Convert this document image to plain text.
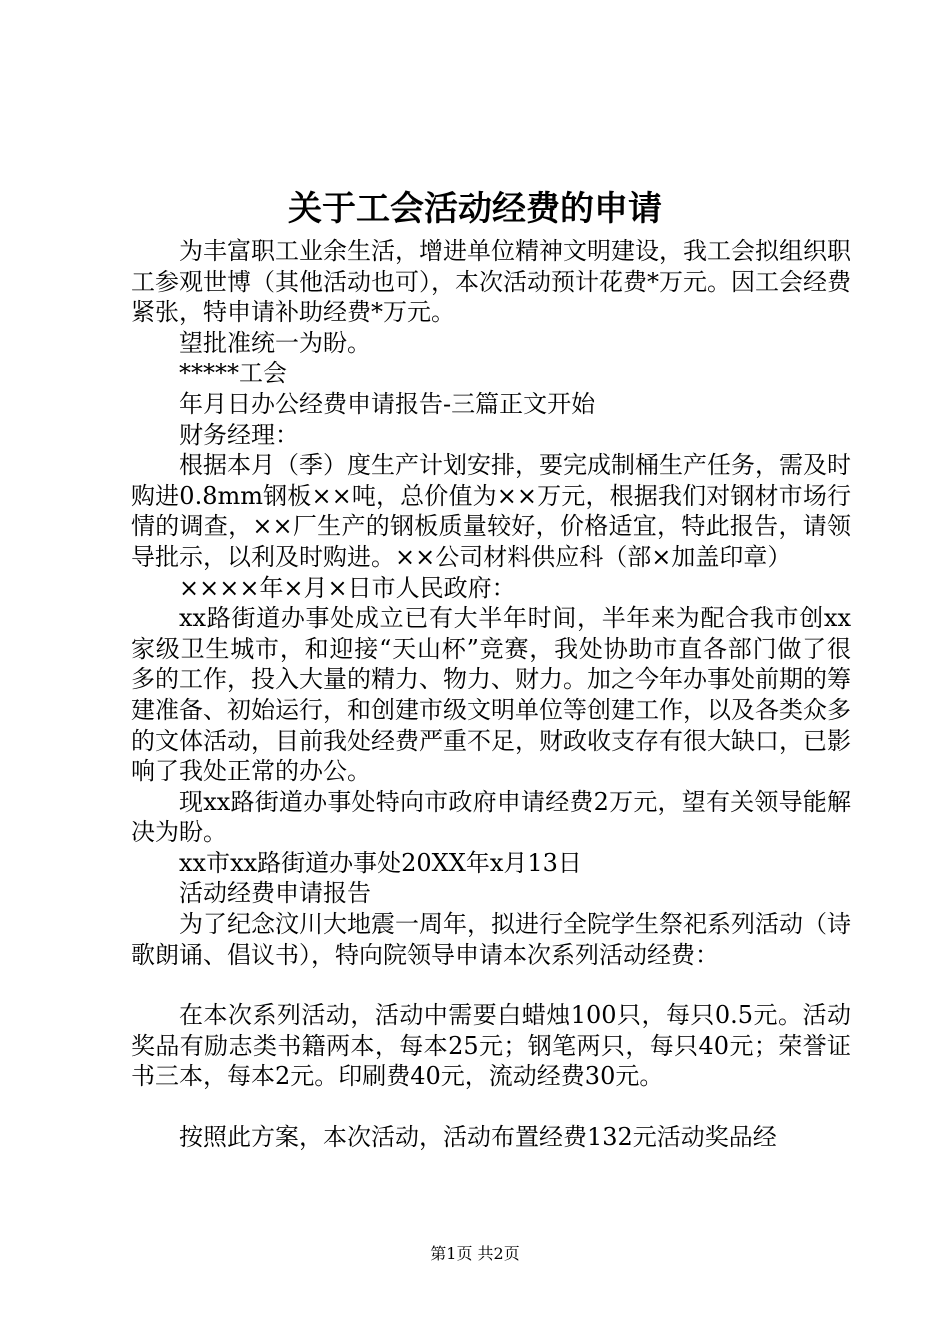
关于工会活动经费的申请

为丰富职工业余生活，增进单位精神文明建设，我工会拟组织职工参观世博（其他活动也可），本次活动预计花费*万元。因工会经费紧张，特申请补助经费*万元。

望批准统一为盼。

*****工会

年月日办公经费申请报告-三篇正文开始

财务经理：

根据本月（季）度生产计划安排，要完成制桶生产任务，需及时购进0.8mm钢板××吨，总价值为××万元，根据我们对钢材市场行情的调查，××厂生产的钢板质量较好，价格适宜，特此报告，请领导批示，以利及时购进。××公司材料供应科（部×加盖印章）

××××年×月×日市人民政府：

xx路街道办事处成立已有大半年时间，半年来为配合我市创xx家级卫生城市，和迎接“天山杯”竞赛，我处协助市直各部门做了很多的工作，投入大量的精力、物力、财力。加之今年办事处前期的筹建准备、初始运行，和创建市级文明单位等创建工作，以及各类众多的文体活动，目前我处经费严重不足，财政收支存有很大缺口，已影响了我处正常的办公。

现xx路街道办事处特向市政府申请经费2万元，望有关领导能解决为盼。

xx市xx路街道办事处20XX年x月13日

活动经费申请报告

为了纪念汶川大地震一周年，拟进行全院学生祭祀系列活动（诗歌朗诵、倡议书），特向院领导申请本次系列活动经费：

在本次系列活动，活动中需要白蜡烛100只，每只0.5元。活动奖品有励志类书籍两本，每本25元；钢笔两只，每只40元；荣誉证书三本，每本2元。印刷费40元，流动经费30元。

按照此方案，本次活动，活动布置经费132元活动奖品经

第1页 共2页
